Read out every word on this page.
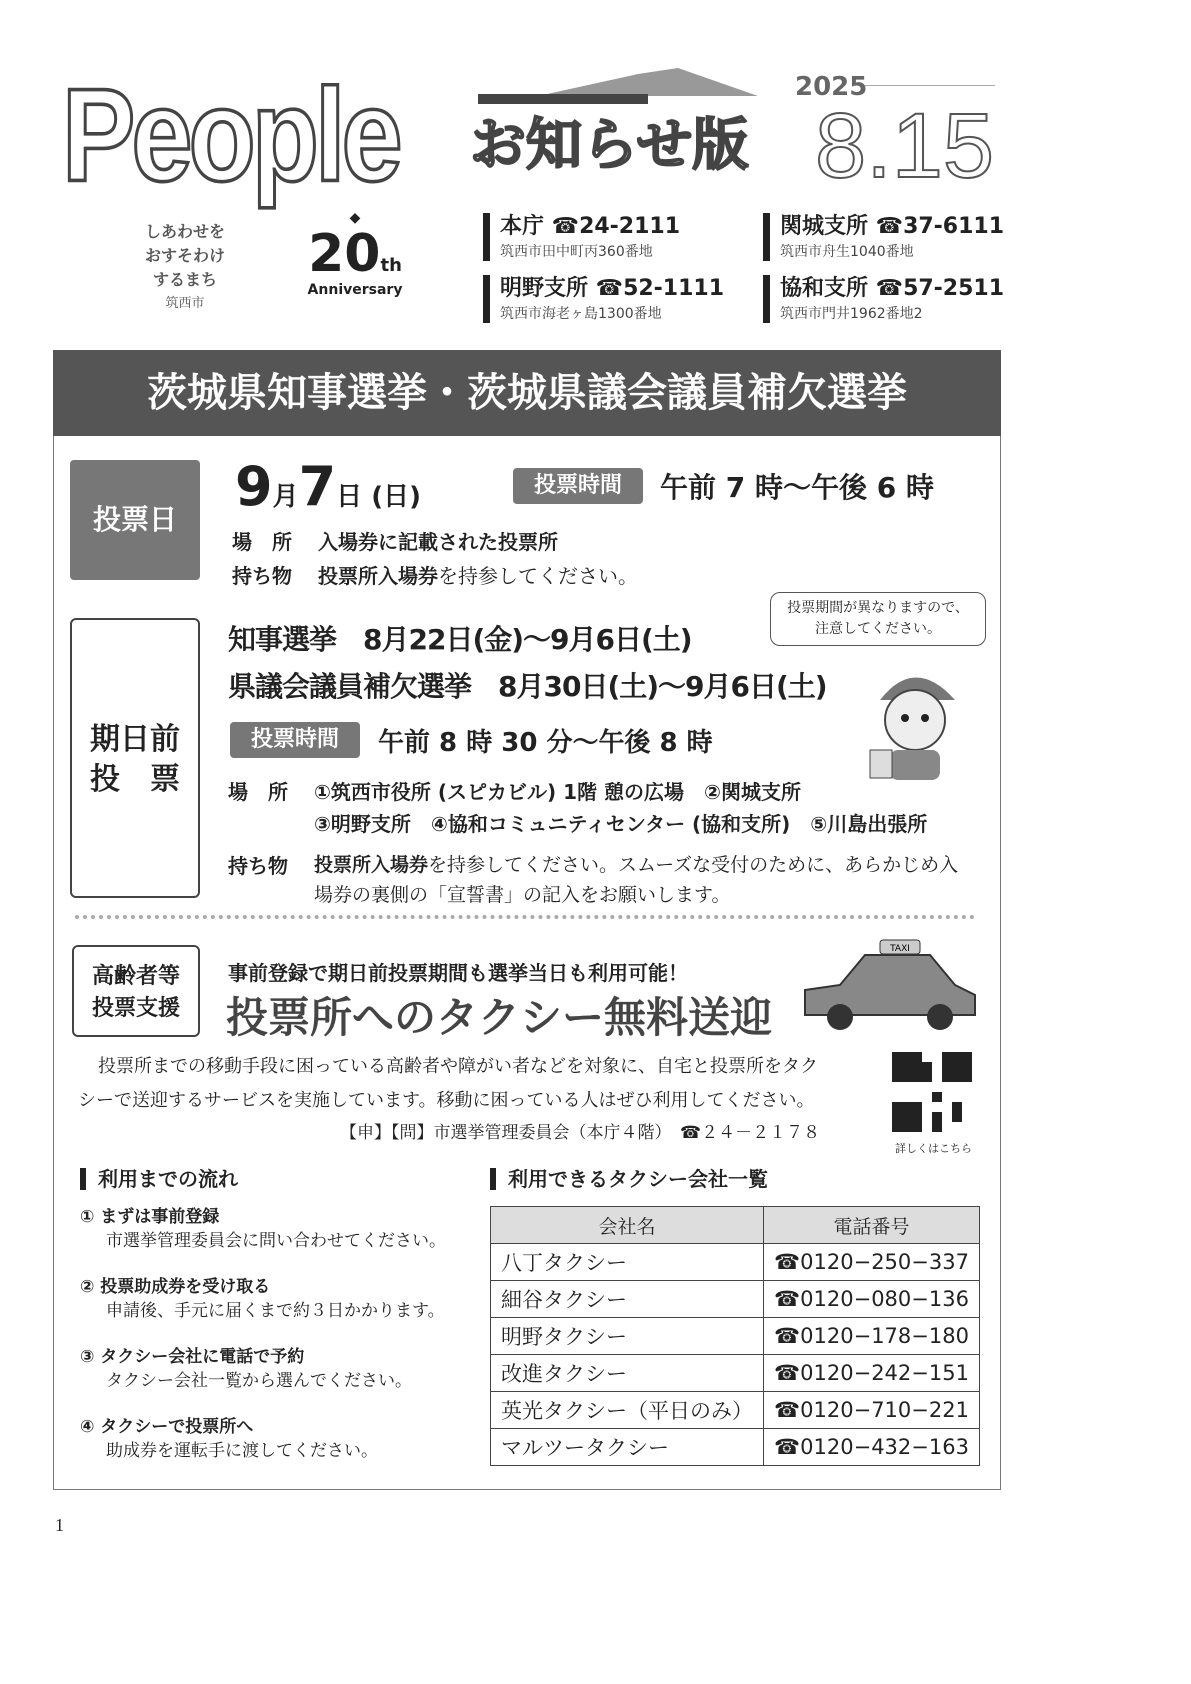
People お知らせ版
2025
8.15
しあわせを
おすそわけ
するまち
筑西市
◆
20th
Anniversary
本庁 ☎24-2111
筑西市田中町丙360番地
関城支所 ☎37-6111
筑西市舟生1040番地
明野支所 ☎52-1111
筑西市海老ヶ島1300番地
協和支所 ☎57-2511
筑西市門井1962番地2
茨城県知事選挙・茨城県議会議員補欠選挙
投票日
9月7日 (日)	投票時間	午前 7 時～午後 6 時
場　所 入場券に記載された投票所
持ち物 投票所入場券を持参してください。
期日前
投　票
知事選挙　8月22日(金)～9月6日(土)
県議会議員補欠選挙　8月30日(土)～9月6日(土)
投票時間	午前 8 時 30 分～午後 8 時
投票期間が異なりますので、
注意してください。
場　所 ①筑西市役所 (スピカビル) 1階 憩の広場　②関城支所
③明野支所　④協和コミュニティセンター (協和支所)　⑤川島出張所
持ち物 投票所入場券を持参してください。スムーズな受付のために、あらかじめ入
場券の裏側の「宣誓書」の記入をお願いします。
高齢者等
投票支援
事前登録で期日前投票期間も選挙当日も利用可能！
投票所へのタクシー無料送迎
TAXI
投票所までの移動手段に困っている高齢者や障がい者などを対象に、自宅と投票所をタク
シーで送迎するサービスを実施しています。移動に困っている人はぜひ利用してください。
【申】【問】市選挙管理委員会（本庁４階）　☎２４－２１７８
詳しくはこちら
利用までの流れ
① まずは事前登録
市選挙管理委員会に問い合わせてください。
② 投票助成券を受け取る
申請後、手元に届くまで約３日かかります。
③ タクシー会社に電話で予約
タクシー会社一覧から選んでください。
④ タクシーで投票所へ
助成券を運転手に渡してください。
利用できるタクシー会社一覧
会社名	電話番号
八丁タクシー	☎0120−250−337
細谷タクシー	☎0120−080−136
明野タクシー	☎0120−178−180
改進タクシー	☎0120−242−151
英光タクシー（平日のみ）	☎0120−710−221
マルツータクシー	☎0120−432−163
1
